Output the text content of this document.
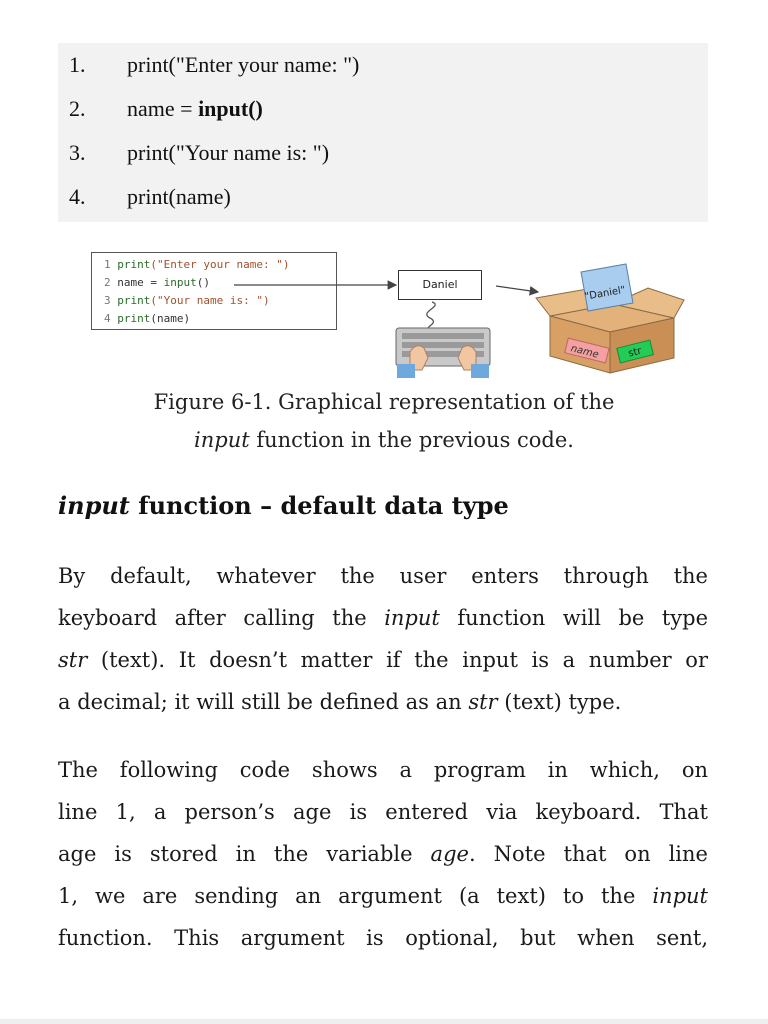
1. print("Enter your name: ")
2. name = input()
3. print("Your name is: ")
4. print(name)
1 print("Enter your name: ")
2 name = input()
3 print("Your name is: ")
4 print(name)
"Daniel"
name	str
Daniel
Figure 6-1. Graphical representation of the
input function in the previous code.
input function – default data type
By default, whatever the user enters through the
keyboard after calling the input function will be type
str (text). It doesn’t matter if the input is a number or
a decimal; it will still be defined as an str (text) type.
The following code shows a program in which, on
line 1, a person’s age is entered via keyboard. That
age is stored in the variable age. Note that on line
1, we are sending an argument (a text) to the input
function. This argument is optional, but when sent,
